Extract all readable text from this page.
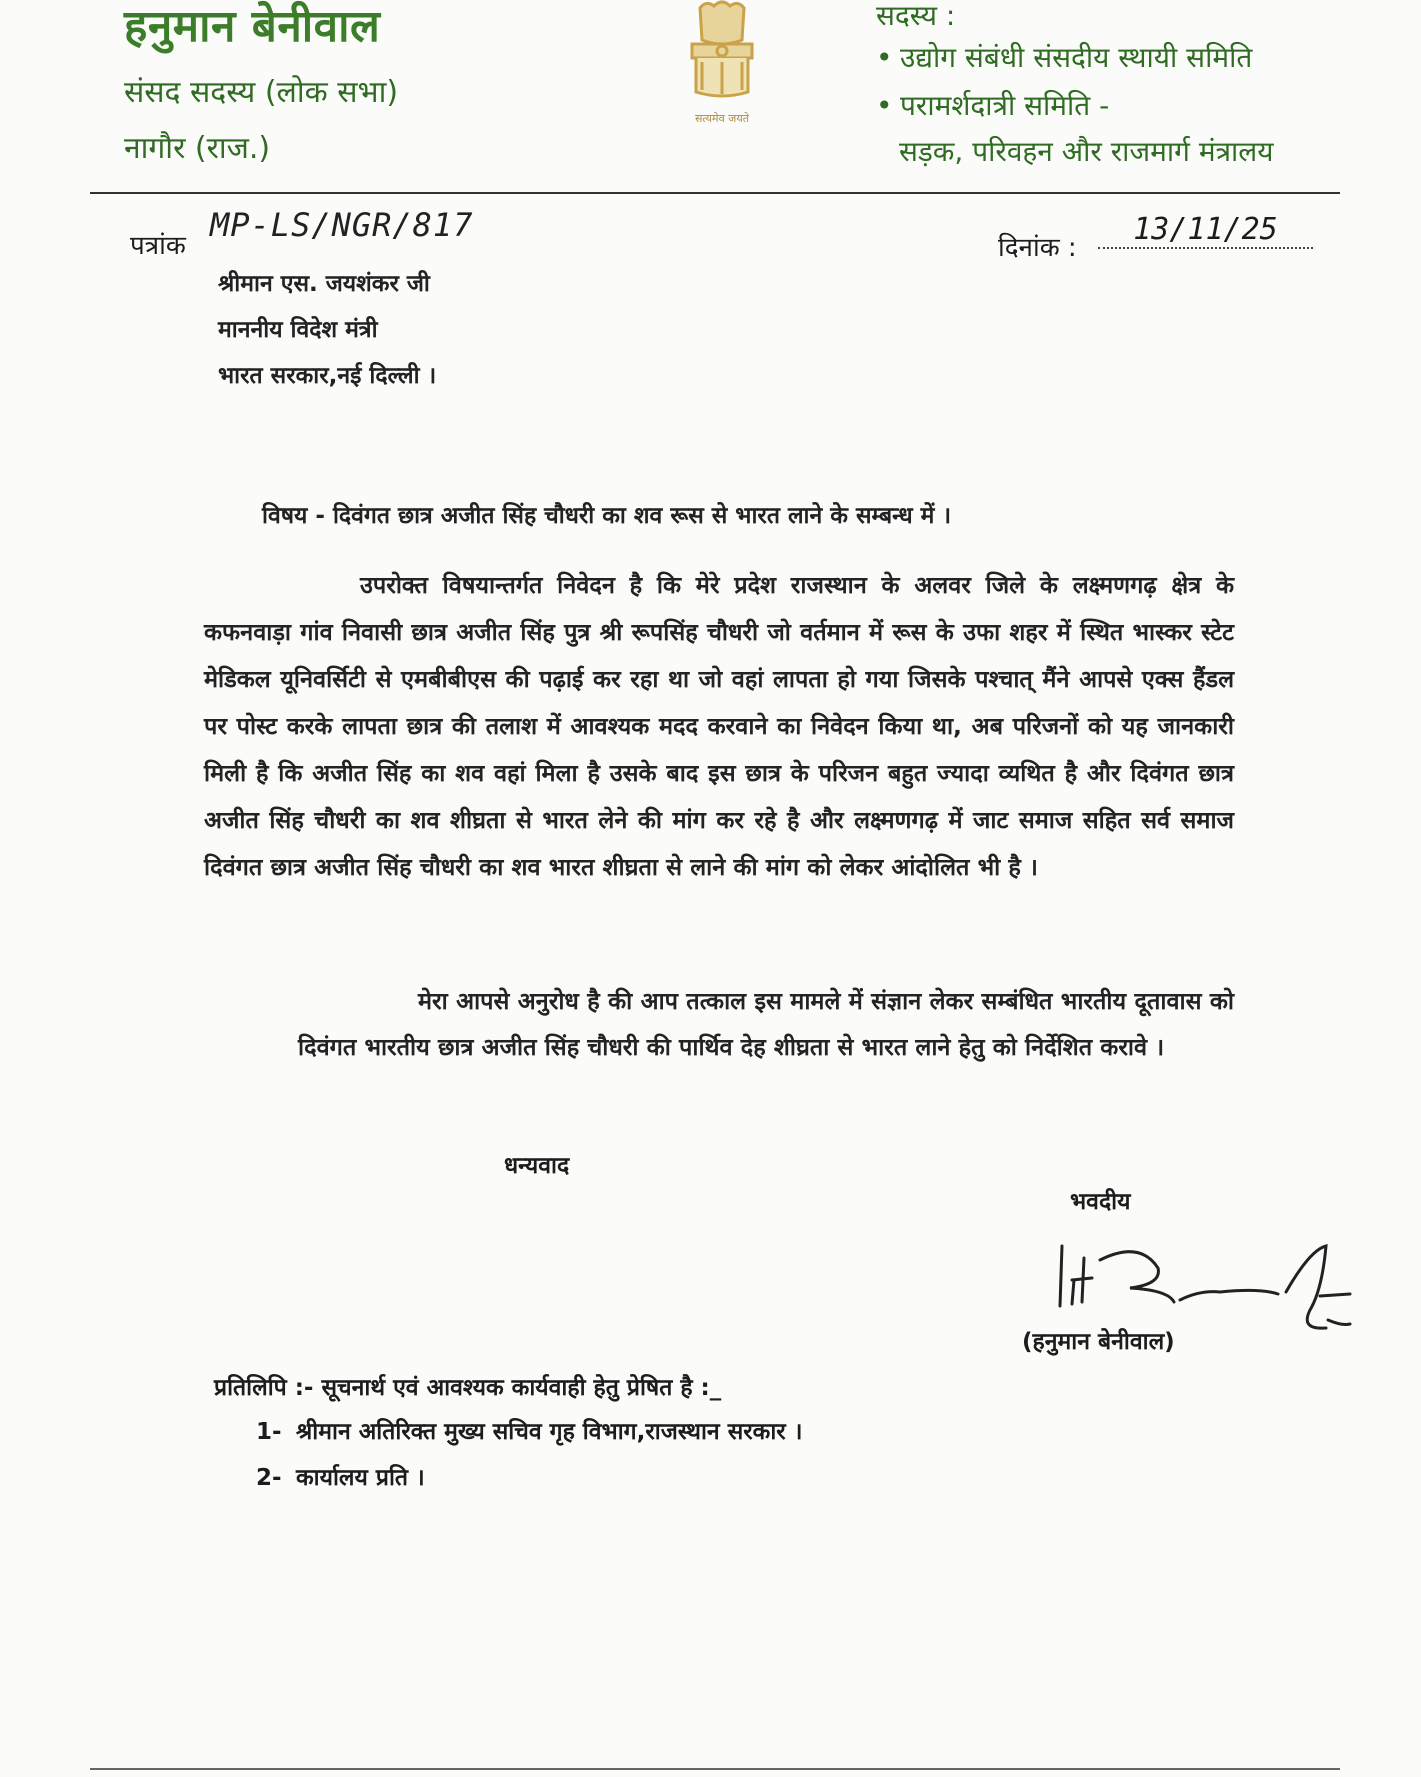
हनुमान बेनीवाल
संसद सदस्य (लोक सभा)
नागौर (राज.)
सत्यमेव जयते
सदस्य :
• उद्योग संबंधी संसदीय स्थायी समिति
• परामर्शदात्री समिति -
सड़क, परिवहन और राजमार्ग मंत्रालय
पत्रांक
MP-LS/NGR/817
दिनांक :
13/11/25
श्रीमान एस. जयशंकर जी
माननीय विदेश मंत्री
भारत सरकार,नई दिल्ली ।
विषय - दिवंगत छात्र अजीत सिंह चौधरी का शव रूस से भारत लाने के सम्बन्ध में ।
उपरोक्त विषयान्तर्गत निवेदन है कि मेरे प्रदेश राजस्थान के अलवर जिले के लक्ष्मणगढ़ क्षेत्र के कफनवाड़ा गांव निवासी छात्र अजीत सिंह पुत्र श्री रूपसिंह चौधरी जो वर्तमान में रूस के उफा शहर में स्थित भास्कर स्टेट मेडिकल यूनिवर्सिटी से एमबीबीएस की पढ़ाई कर रहा था जो वहां लापता हो गया जिसके पश्चात् मैंने आपसे एक्स हैंडल पर पोस्ट करके लापता छात्र की तलाश में आवश्यक मदद करवाने का निवेदन किया था, अब परिजनों को यह जानकारी मिली है कि अजीत सिंह का शव वहां मिला है उसके बाद इस छात्र के परिजन बहुत ज्यादा व्यथित है और दिवंगत छात्र अजीत सिंह चौधरी का शव शीघ्रता से भारत लेने की मांग कर रहे है और लक्ष्मणगढ़ में जाट समाज सहित सर्व समाज दिवंगत छात्र अजीत सिंह चौधरी का शव भारत शीघ्रता से लाने की मांग को लेकर आंदोलित भी है ।
मेरा आपसे अनुरोध है की आप तत्काल इस मामले में संज्ञान लेकर सम्बंधित भारतीय दूतावास को दिवंगत भारतीय छात्र अजीत सिंह चौधरी की पार्थिव देह शीघ्रता से भारत लाने हेतु को निर्देशित करावे ।
धन्यवाद
भवदीय
(हनुमान बेनीवाल)
प्रतिलिपि :- सूचनार्थ एवं आवश्यक कार्यवाही हेतु प्रेषित है :_
1- श्रीमान अतिरिक्त मुख्य सचिव गृह विभाग,राजस्थान सरकार ।
2- कार्यालय प्रति ।
